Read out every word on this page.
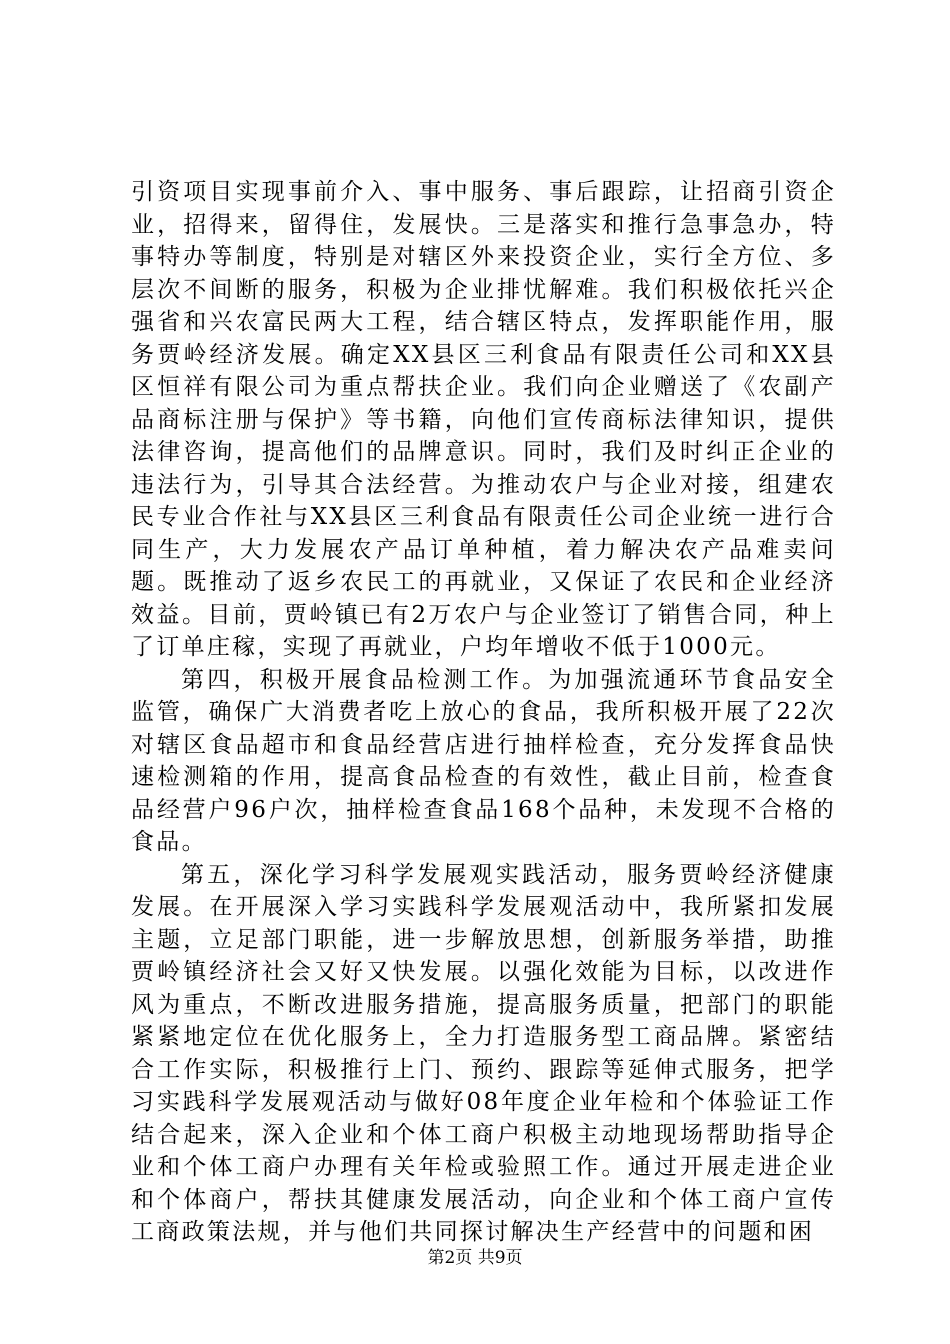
引资项目实现事前介入、事中服务、事后跟踪，让招商引资企业，招得来，留得住，发展快。三是落实和推行急事急办，特事特办等制度，特别是对辖区外来投资企业，实行全方位、多层次不间断的服务，积极为企业排忧解难。我们积极依托兴企强省和兴农富民两大工程，结合辖区特点，发挥职能作用，服务贾岭经济发展。确定XX县区三利食品有限责任公司和XX县区恒祥有限公司为重点帮扶企业。我们向企业赠送了《农副产品商标注册与保护》等书籍，向他们宣传商标法律知识，提供法律咨询，提高他们的品牌意识。同时，我们及时纠正企业的违法行为，引导其合法经营。为推动农户与企业对接，组建农民专业合作社与XX县区三利食品有限责任公司企业统一进行合同生产，大力发展农产品订单种植，着力解决农产品难卖问题。既推动了返乡农民工的再就业，又保证了农民和企业经济效益。目前，贾岭镇已有2万农户与企业签订了销售合同，种上了订单庄稼，实现了再就业，户均年增收不低于1000元。

第四，积极开展食品检测工作。为加强流通环节食品安全监管，确保广大消费者吃上放心的食品，我所积极开展了22次对辖区食品超市和食品经营店进行抽样检查，充分发挥食品快速检测箱的作用，提高食品检查的有效性，截止目前，检查食品经营户96户次，抽样检查食品168个品种，未发现不合格的食品。

第五，深化学习科学发展观实践活动，服务贾岭经济健康发展。在开展深入学习实践科学发展观活动中，我所紧扣发展主题，立足部门职能，进一步解放思想，创新服务举措，助推贾岭镇经济社会又好又快发展。以强化效能为目标，以改进作风为重点，不断改进服务措施，提高服务质量，把部门的职能紧紧地定位在优化服务上，全力打造服务型工商品牌。紧密结合工作实际，积极推行上门、预约、跟踪等延伸式服务，把学习实践科学发展观活动与做好08年度企业年检和个体验证工作结合起来，深入企业和个体工商户积极主动地现场帮助指导企业和个体工商户办理有关年检或验照工作。通过开展走进企业和个体商户，帮扶其健康发展活动，向企业和个体工商户宣传工商政策法规，并与他们共同探讨解决生产经营中的问题和困

第2页 共9页
